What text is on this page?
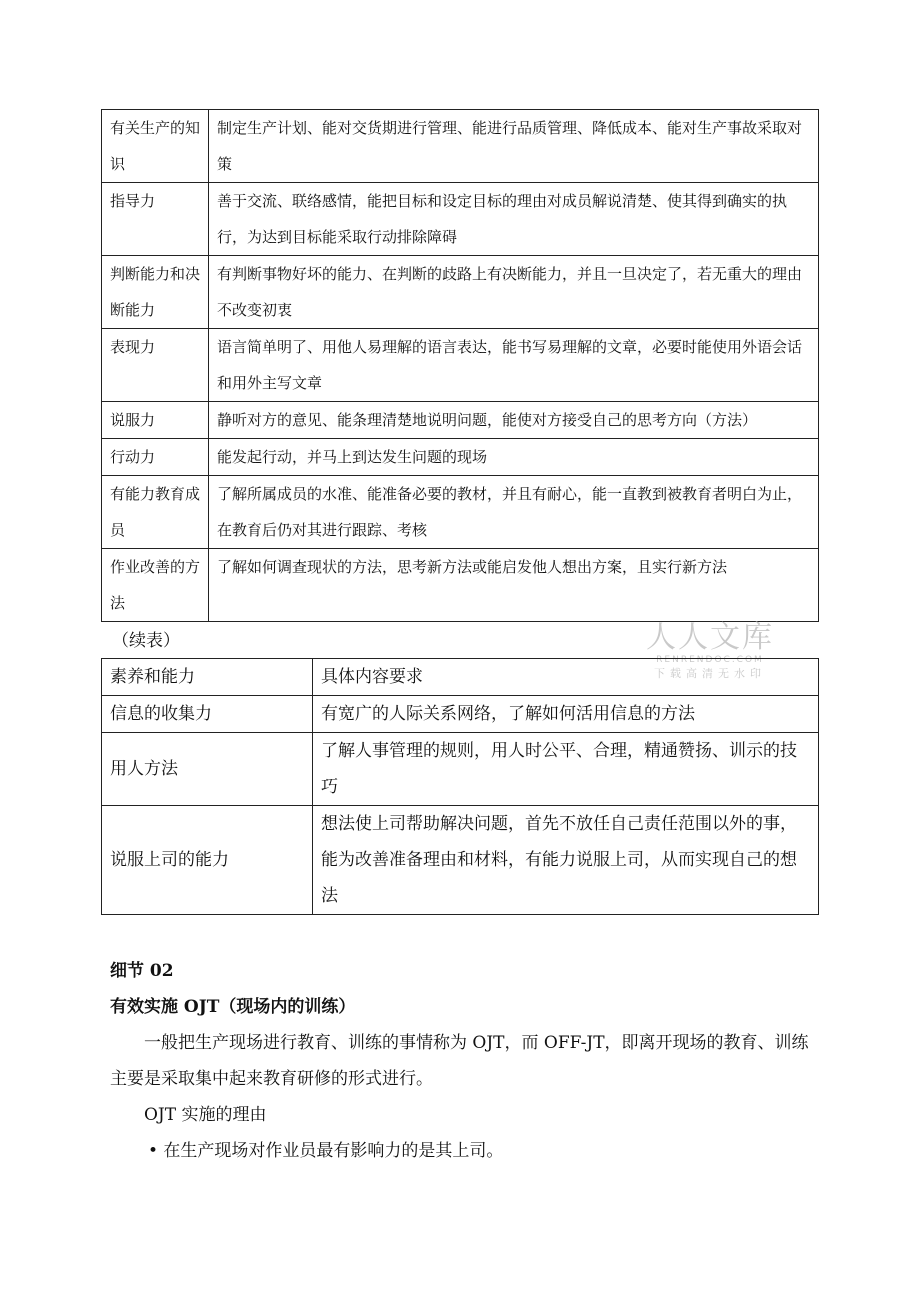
有关生产的知识	制定生产计划、能对交货期进行管理、能进行品质管理、降低成本、能对生产事故采取对策
指导力	善于交流、联络感情，能把目标和设定目标的理由对成员解说清楚、使其得到确实的执行，为达到目标能采取行动排除障碍
判断能力和决断能力	有判断事物好坏的能力、在判断的歧路上有决断能力，并且一旦决定了，若无重大的理由不改变初衷
表现力	语言简单明了、用他人易理解的语言表达，能书写易理解的文章，必要时能使用外语会话和用外主写文章
说服力	静听对方的意见、能条理清楚地说明问题，能使对方接受自己的思考方向（方法）
行动力	能发起行动，并马上到达发生问题的现场
有能力教育成员	了解所属成员的水准、能准备必要的教材，并且有耐心，能一直教到被教育者明白为止，在教育后仍对其进行跟踪、考核
作业改善的方法	了解如何调查现状的方法，思考新方法或能启发他人想出方案，且实行新方法
（续表）	人人文库
RENRENDOC.COM
下载高清无水印
素养和能力	具体内容要求
信息的收集力	有宽广的人际关系网络，了解如何活用信息的方法
用人方法	了解人事管理的规则，用人时公平、合理，精通赞扬、训示的技巧
说服上司的能力	想法使上司帮助解决问题，首先不放任自己责任范围以外的事，能为改善准备理由和材料，有能力说服上司，从而实现自己的想法
细节 02
有效实施 OJT（现场内的训练）
一般把生产现场进行教育、训练的事情称为 OJT，而 OFF-JT，即离开现场的教育、训练主要是采取集中起来教育研修的形式进行。
OJT 实施的理由
• 在生产现场对作业员最有影响力的是其上司。
